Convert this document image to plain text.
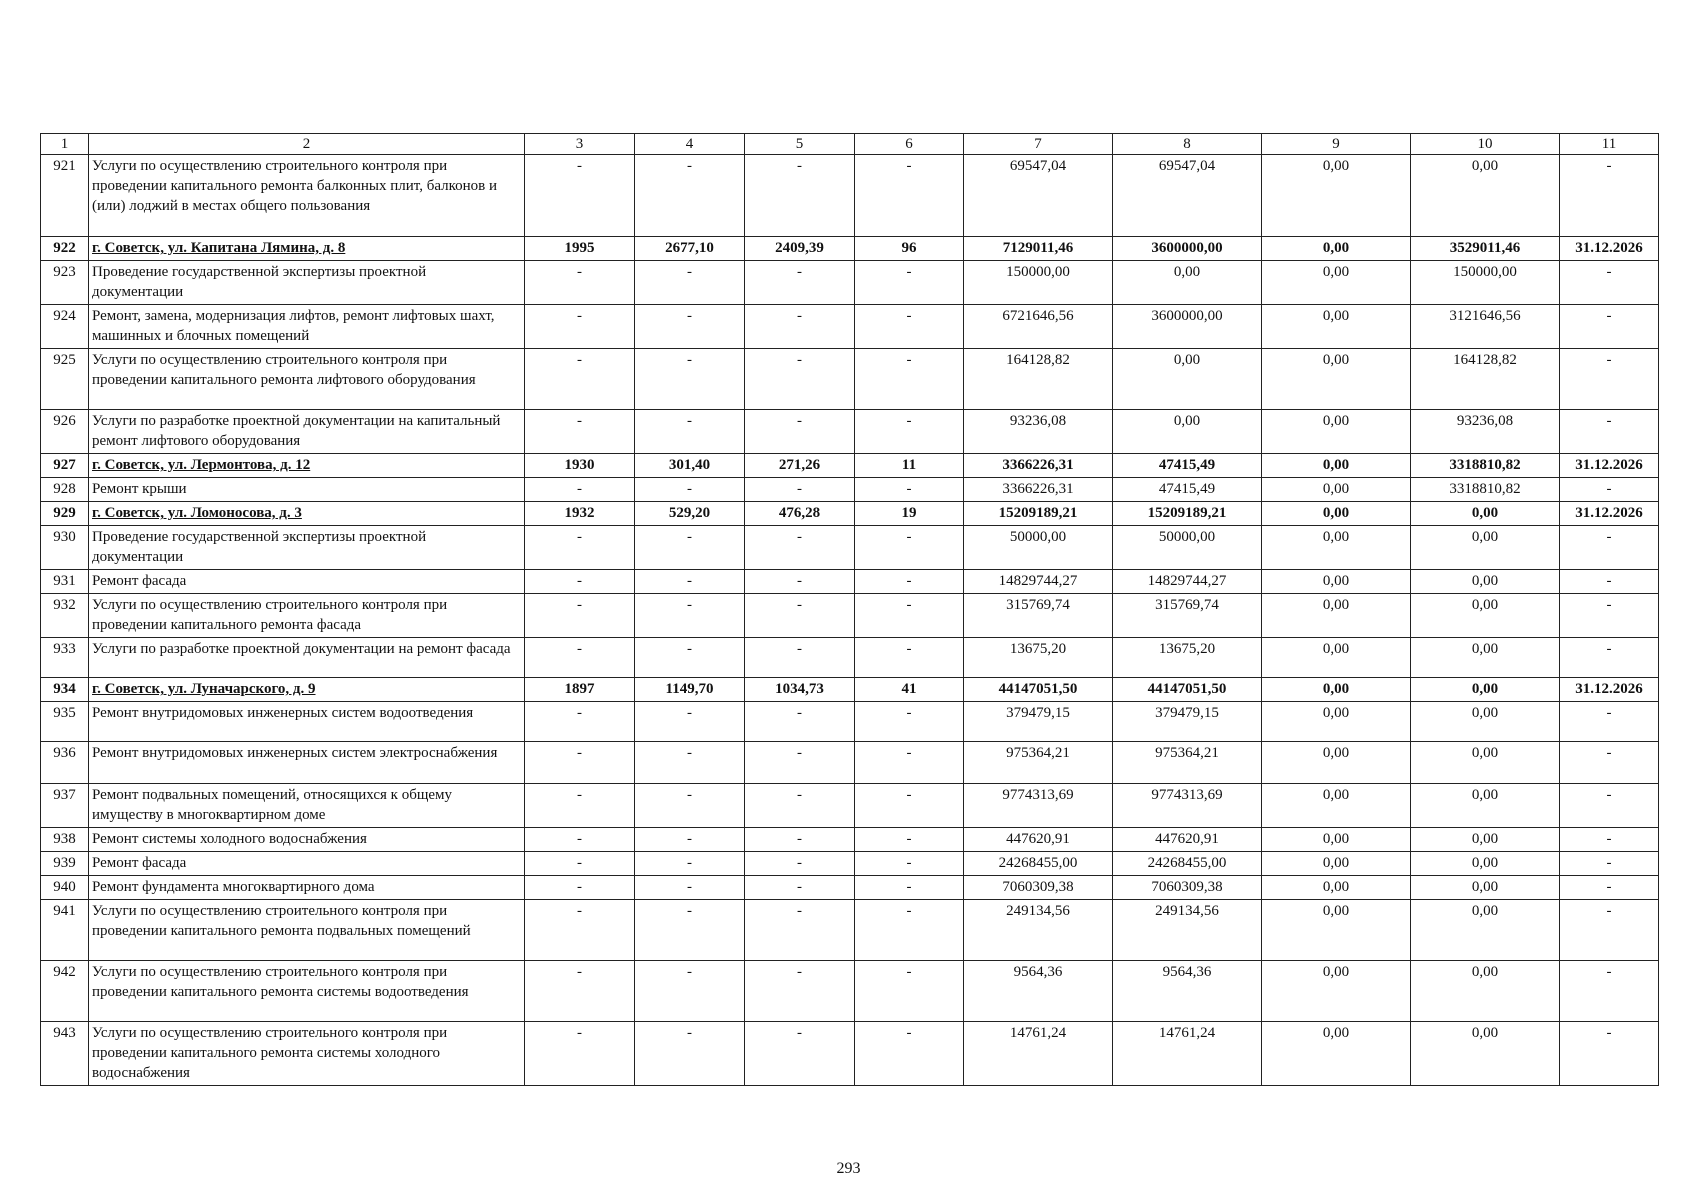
1	2	3	4	5	6	7	8	9	10	11
921	Услуги по осуществлению строительного контроля при проведении капитального ремонта балконных плит, балконов и (или) лоджий в местах общего пользования	-	-	-	-	69547,04	69547,04	0,00	0,00	-
922	г. Советск, ул. Капитана Лямина, д. 8	1995	2677,10	2409,39	96	7129011,46	3600000,00	0,00	3529011,46	31.12.2026
923	Проведение государственной экспертизы проектной документации	-	-	-	-	150000,00	0,00	0,00	150000,00	-
924	Ремонт, замена, модернизация лифтов, ремонт лифтовых шахт, машинных и блочных помещений	-	-	-	-	6721646,56	3600000,00	0,00	3121646,56	-
925	Услуги по осуществлению строительного контроля при проведении капитального ремонта лифтового оборудования	-	-	-	-	164128,82	0,00	0,00	164128,82	-
926	Услуги по разработке проектной документации на капитальный ремонт лифтового оборудования	-	-	-	-	93236,08	0,00	0,00	93236,08	-
927	г. Советск, ул. Лермонтова, д. 12	1930	301,40	271,26	11	3366226,31	47415,49	0,00	3318810,82	31.12.2026
928	Ремонт крыши	-	-	-	-	3366226,31	47415,49	0,00	3318810,82	-
929	г. Советск, ул. Ломоносова, д. 3	1932	529,20	476,28	19	15209189,21	15209189,21	0,00	0,00	31.12.2026
930	Проведение государственной экспертизы проектной документации	-	-	-	-	50000,00	50000,00	0,00	0,00	-
931	Ремонт фасада	-	-	-	-	14829744,27	14829744,27	0,00	0,00	-
932	Услуги по осуществлению строительного контроля при проведении капитального ремонта фасада	-	-	-	-	315769,74	315769,74	0,00	0,00	-
933	Услуги по разработке проектной документации на ремонт фасада	-	-	-	-	13675,20	13675,20	0,00	0,00	-
934	г. Советск, ул. Луначарского, д. 9	1897	1149,70	1034,73	41	44147051,50	44147051,50	0,00	0,00	31.12.2026
935	Ремонт внутридомовых инженерных систем водоотведения	-	-	-	-	379479,15	379479,15	0,00	0,00	-
936	Ремонт внутридомовых инженерных систем электроснабжения	-	-	-	-	975364,21	975364,21	0,00	0,00	-
937	Ремонт подвальных помещений, относящихся к общему имуществу в многоквартирном доме	-	-	-	-	9774313,69	9774313,69	0,00	0,00	-
938	Ремонт системы холодного водоснабжения	-	-	-	-	447620,91	447620,91	0,00	0,00	-
939	Ремонт фасада	-	-	-	-	24268455,00	24268455,00	0,00	0,00	-
940	Ремонт фундамента многоквартирного дома	-	-	-	-	7060309,38	7060309,38	0,00	0,00	-
941	Услуги по осуществлению строительного контроля при проведении капитального ремонта подвальных помещений	-	-	-	-	249134,56	249134,56	0,00	0,00	-
942	Услуги по осуществлению строительного контроля при проведении капитального ремонта системы водоотведения	-	-	-	-	9564,36	9564,36	0,00	0,00	-
943	Услуги по осуществлению строительного контроля при проведении капитального ремонта системы холодного водоснабжения	-	-	-	-	14761,24	14761,24	0,00	0,00	-
293
